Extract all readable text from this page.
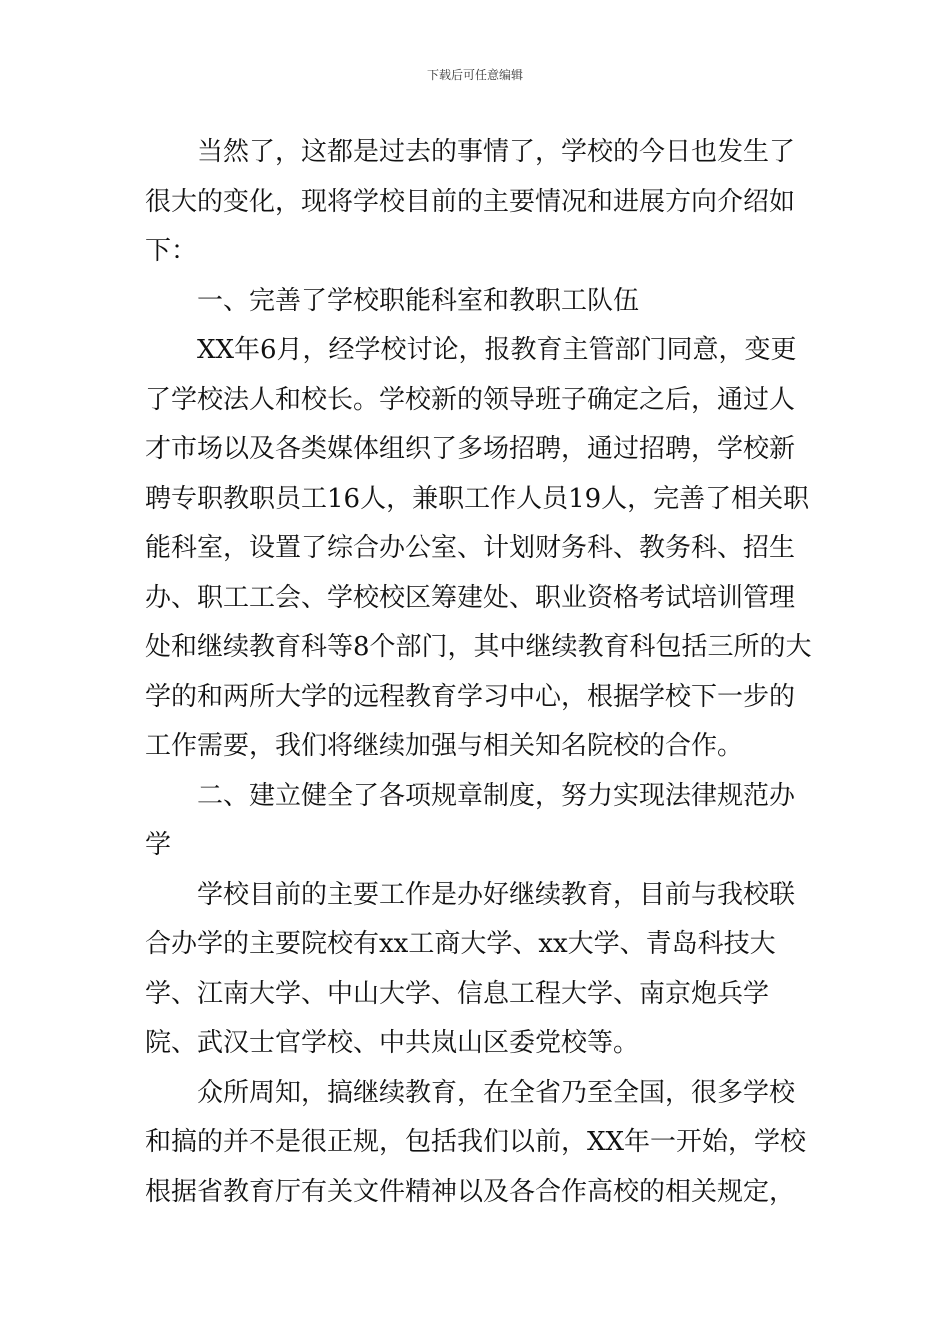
下载后可任意编辑

当然了，这都是过去的事情了，学校的今日也发生了很大的变化，现将学校目前的主要情况和进展方向介绍如下：

一、完善了学校职能科室和教职工队伍

XX年6月，经学校讨论，报教育主管部门同意，变更了学校法人和校长。学校新的领导班子确定之后，通过人才市场以及各类媒体组织了多场招聘，通过招聘，学校新聘专职教职员工16人，兼职工作人员19人，完善了相关职能科室，设置了综合办公室、计划财务科、教务科、招生办、职工工会、学校校区筹建处、职业资格考试培训管理处和继续教育科等8个部门，其中继续教育科包括三所的大学的和两所大学的远程教育学习中心，根据学校下一步的工作需要，我们将继续加强与相关知名院校的合作。

二、建立健全了各项规章制度，努力实现法律规范办学

学校目前的主要工作是办好继续教育，目前与我校联合办学的主要院校有xx工商大学、xx大学、青岛科技大学、江南大学、中山大学、信息工程大学、南京炮兵学院、武汉士官学校、中共岚山区委党校等。

众所周知，搞继续教育，在全省乃至全国，很多学校和搞的并不是很正规，包括我们以前，XX年一开始，学校根据省教育厅有关文件精神以及各合作高校的相关规定，
